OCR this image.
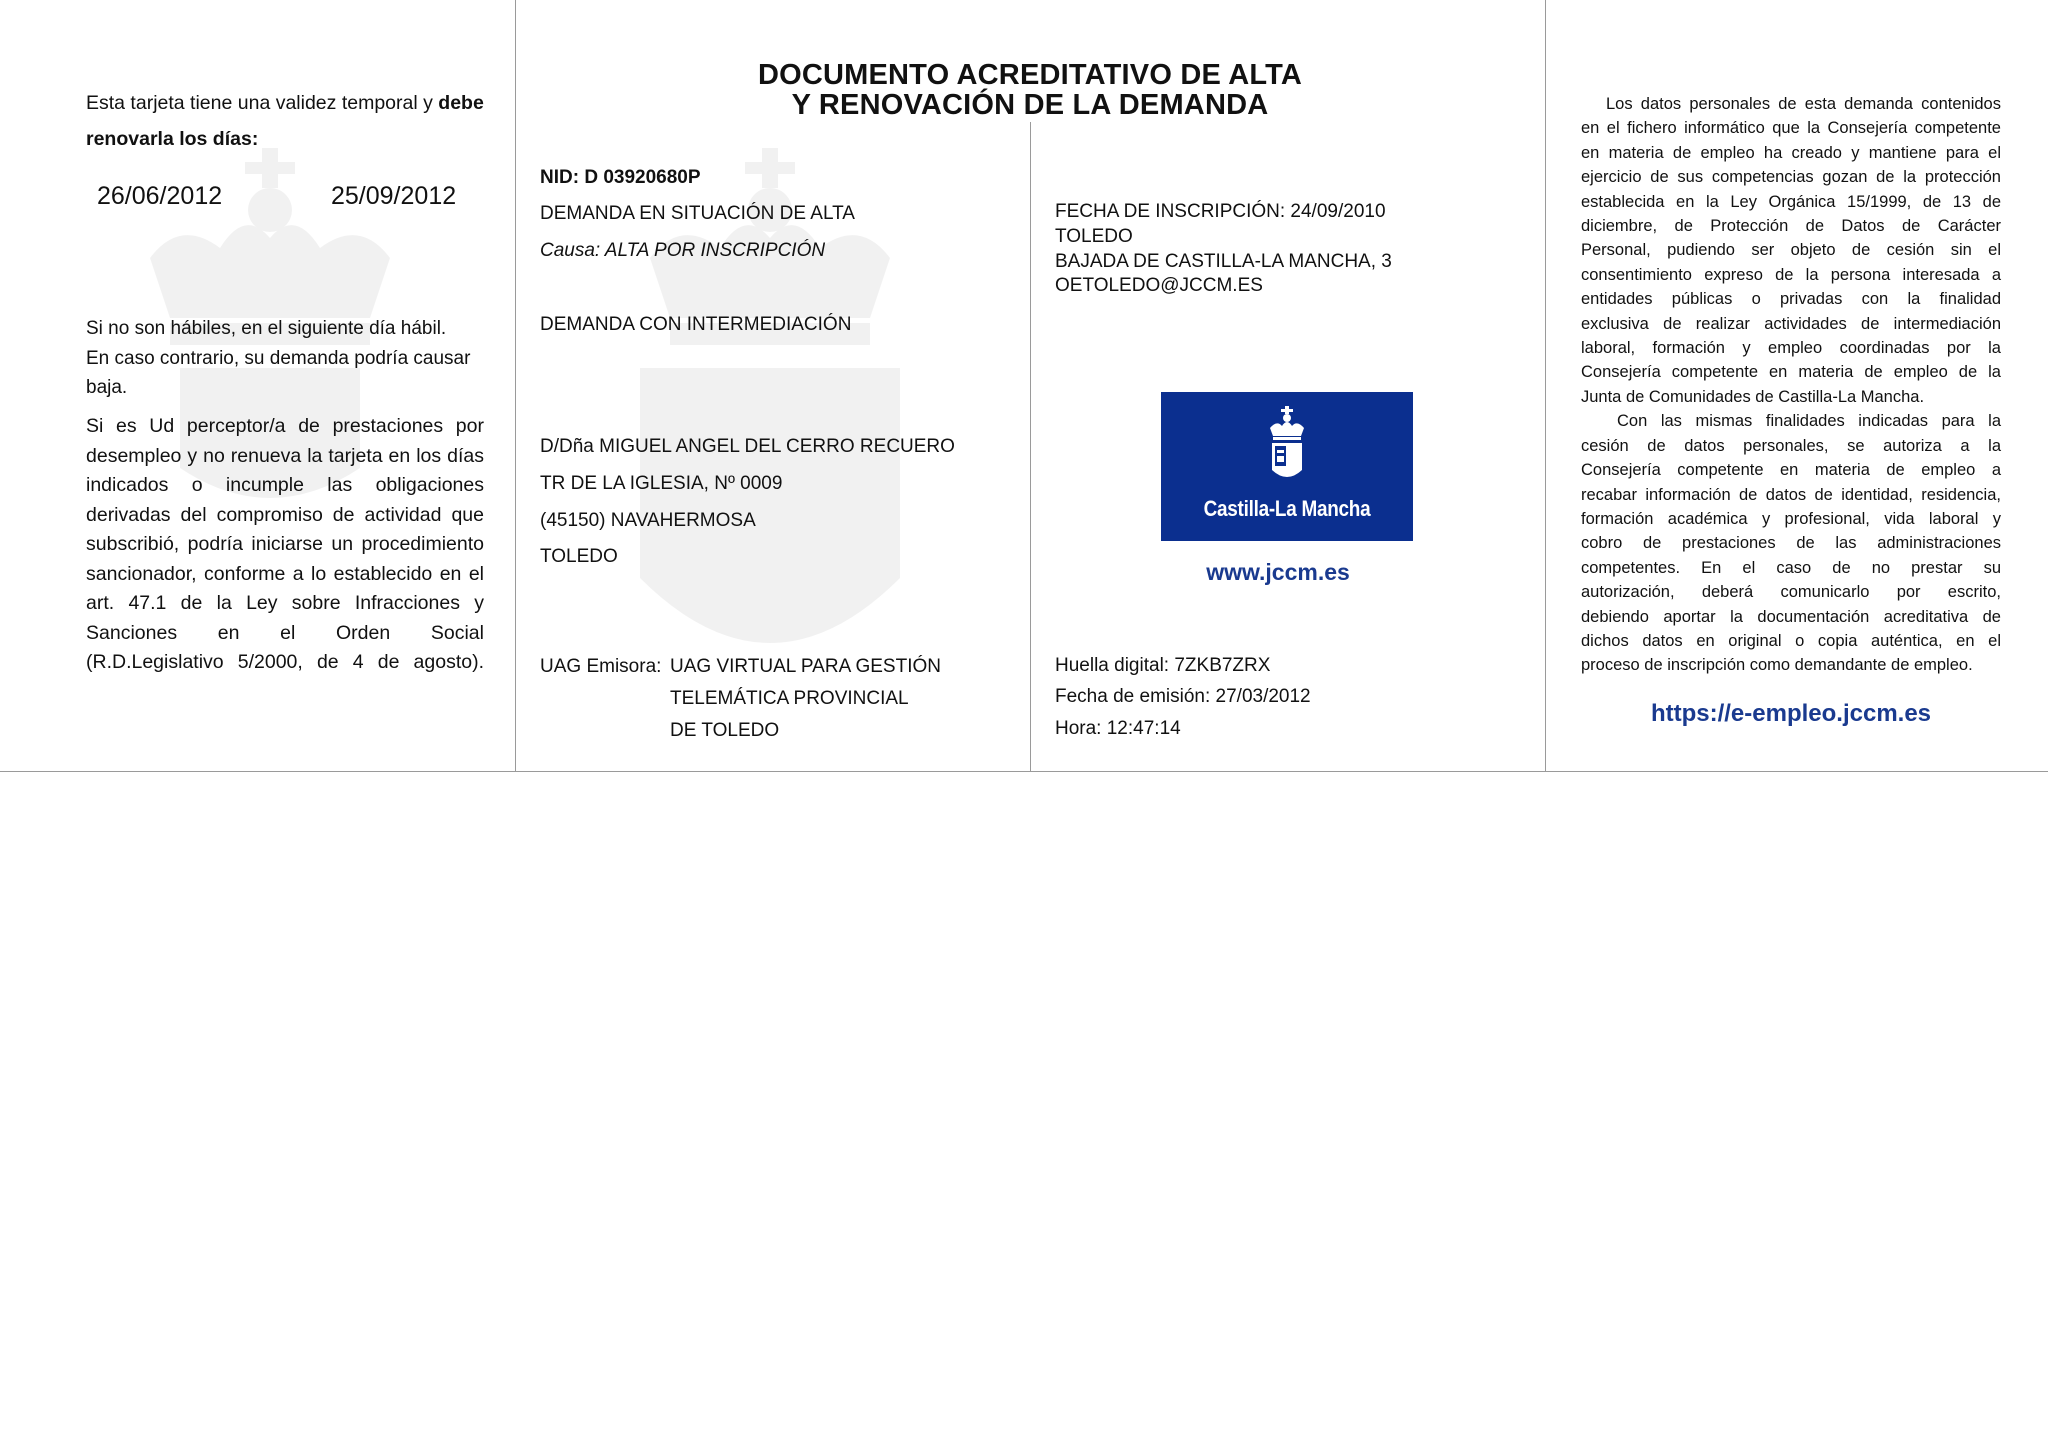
Esta tarjeta tiene una validez temporal y debe
renovarla los días:
26/06/2012	25/09/2012
Si no son hábiles, en el siguiente día hábil.
En caso contrario, su demanda podría causar
baja.
Si es Ud perceptor/a de prestaciones por
desempleo y no renueva la tarjeta en los días
indicados o incumple las obligaciones
derivadas del compromiso de actividad que
subscribió, podría iniciarse un procedimiento
sancionador, conforme a lo establecido en el
art. 47.1 de la Ley sobre Infracciones y
Sanciones en el Orden Social
(R.D.Legislativo 5/2000, de 4 de agosto).
DOCUMENTO ACREDITATIVO DE ALTA
Y RENOVACIÓN DE LA DEMANDA
NID: D 03920680P
DEMANDA EN SITUACIÓN DE ALTA
Causa: ALTA POR INSCRIPCIÓN
DEMANDA CON INTERMEDIACIÓN
D/Dña MIGUEL ANGEL DEL CERRO RECUERO
TR DE LA IGLESIA, Nº 0009
(45150) NAVAHERMOSA
TOLEDO
UAG Emisora: UAG VIRTUAL PARA GESTIÓN
TELEMÁTICA PROVINCIAL
DE TOLEDO
FECHA DE INSCRIPCIÓN: 24/09/2010
TOLEDO
BAJADA DE CASTILLA-LA MANCHA, 3
OETOLEDO@JCCM.ES
Castilla-La Mancha
www.jccm.es
Huella digital: 7ZKB7ZRX
Fecha de emisión: 27/03/2012
Hora: 12:47:14
Los datos personales de esta demanda contenidos
en el fichero informático que la Consejería competente
en materia de empleo ha creado y mantiene para el
ejercicio de sus competencias gozan de la protección
establecida en la Ley Orgánica 15/1999, de 13 de
diciembre, de Protección de Datos de Carácter
Personal, pudiendo ser objeto de cesión sin el
consentimiento expreso de la persona interesada a
entidades públicas o privadas con la finalidad
exclusiva de realizar actividades de intermediación
laboral, formación y empleo coordinadas por la
Consejería competente en materia de empleo de la
Junta de Comunidades de Castilla-La Mancha.
Con las mismas finalidades indicadas para la
cesión de datos personales, se autoriza a la
Consejería competente en materia de empleo a
recabar información de datos de identidad, residencia,
formación académica y profesional, vida laboral y
cobro de prestaciones de las administraciones
competentes. En el caso de no prestar su
autorización, deberá comunicarlo por escrito,
debiendo aportar la documentación acreditativa de
dichos datos en original o copia auténtica, en el
proceso de inscripción como demandante de empleo.
https://e-empleo.jccm.es
